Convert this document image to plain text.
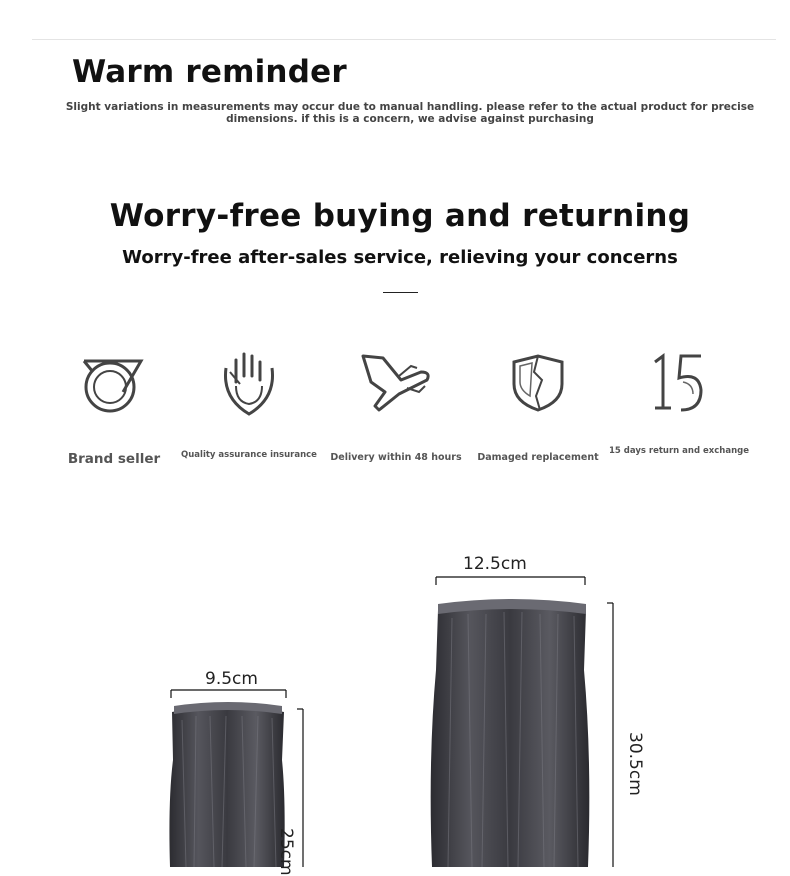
Warm reminder

Slight variations in measurements may occur due to manual handling. please refer to the actual product for precise dimensions. if this is a concern, we advise against purchasing

Worry-free buying and returning
Worry-free after-sales service, relieving your concerns
Brand seller	Quality assurance insurance	Delivery within 48 hours	Damaged replacement
15 days return and exchange
9.5cm
12.5cm
25cm
30.5cm
